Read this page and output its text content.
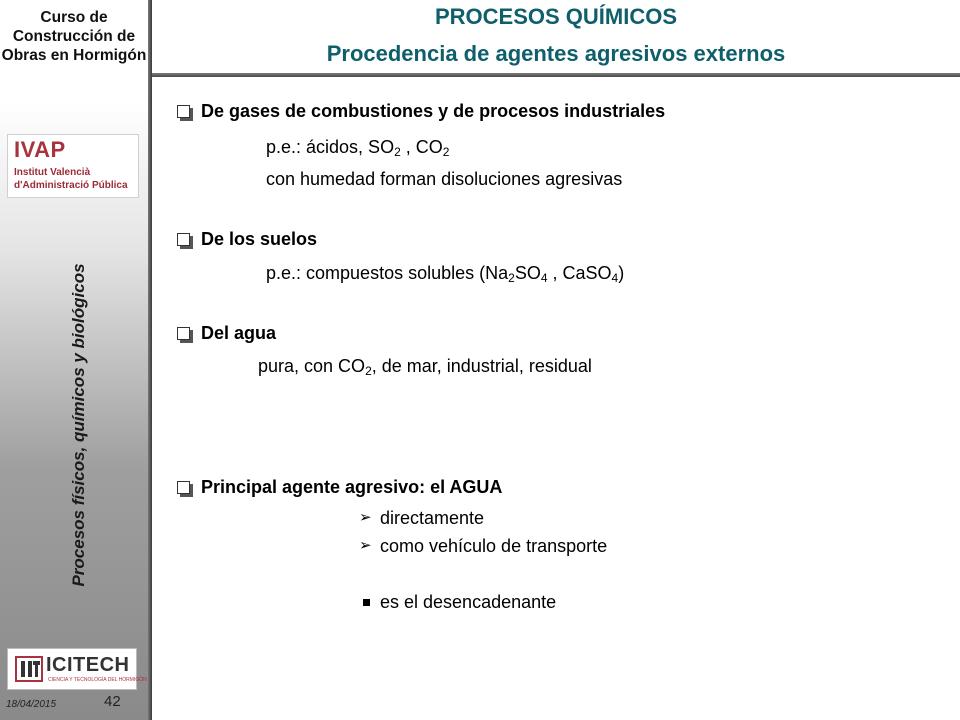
Curso de Construcción de Obras en Hormigón
IVAP
Institut Valencià
d'Administració Pública
Procesos físicos, químicos y biológicos
ICITECH
CIENCIA Y TECNOLOGÍA DEL HORMIGÓN
18/04/2015	42
PROCESOS QUÍMICOS
Procedencia de agentes agresivos externos
De gases de combustiones y de procesos industriales
p.e.: ácidos, $SO_2$ , $CO_2$
con humedad forman disoluciones agresivas
De los suelos
p.e.: compuestos solubles ($Na_2SO_4$ , CaSO$_4$)
Del agua
pura, con $CO_2$, de mar, industrial, residual
Principal agente agresivo: el AGUA
➢ directamente
➢ como vehículo de transporte
es el desencadenante
